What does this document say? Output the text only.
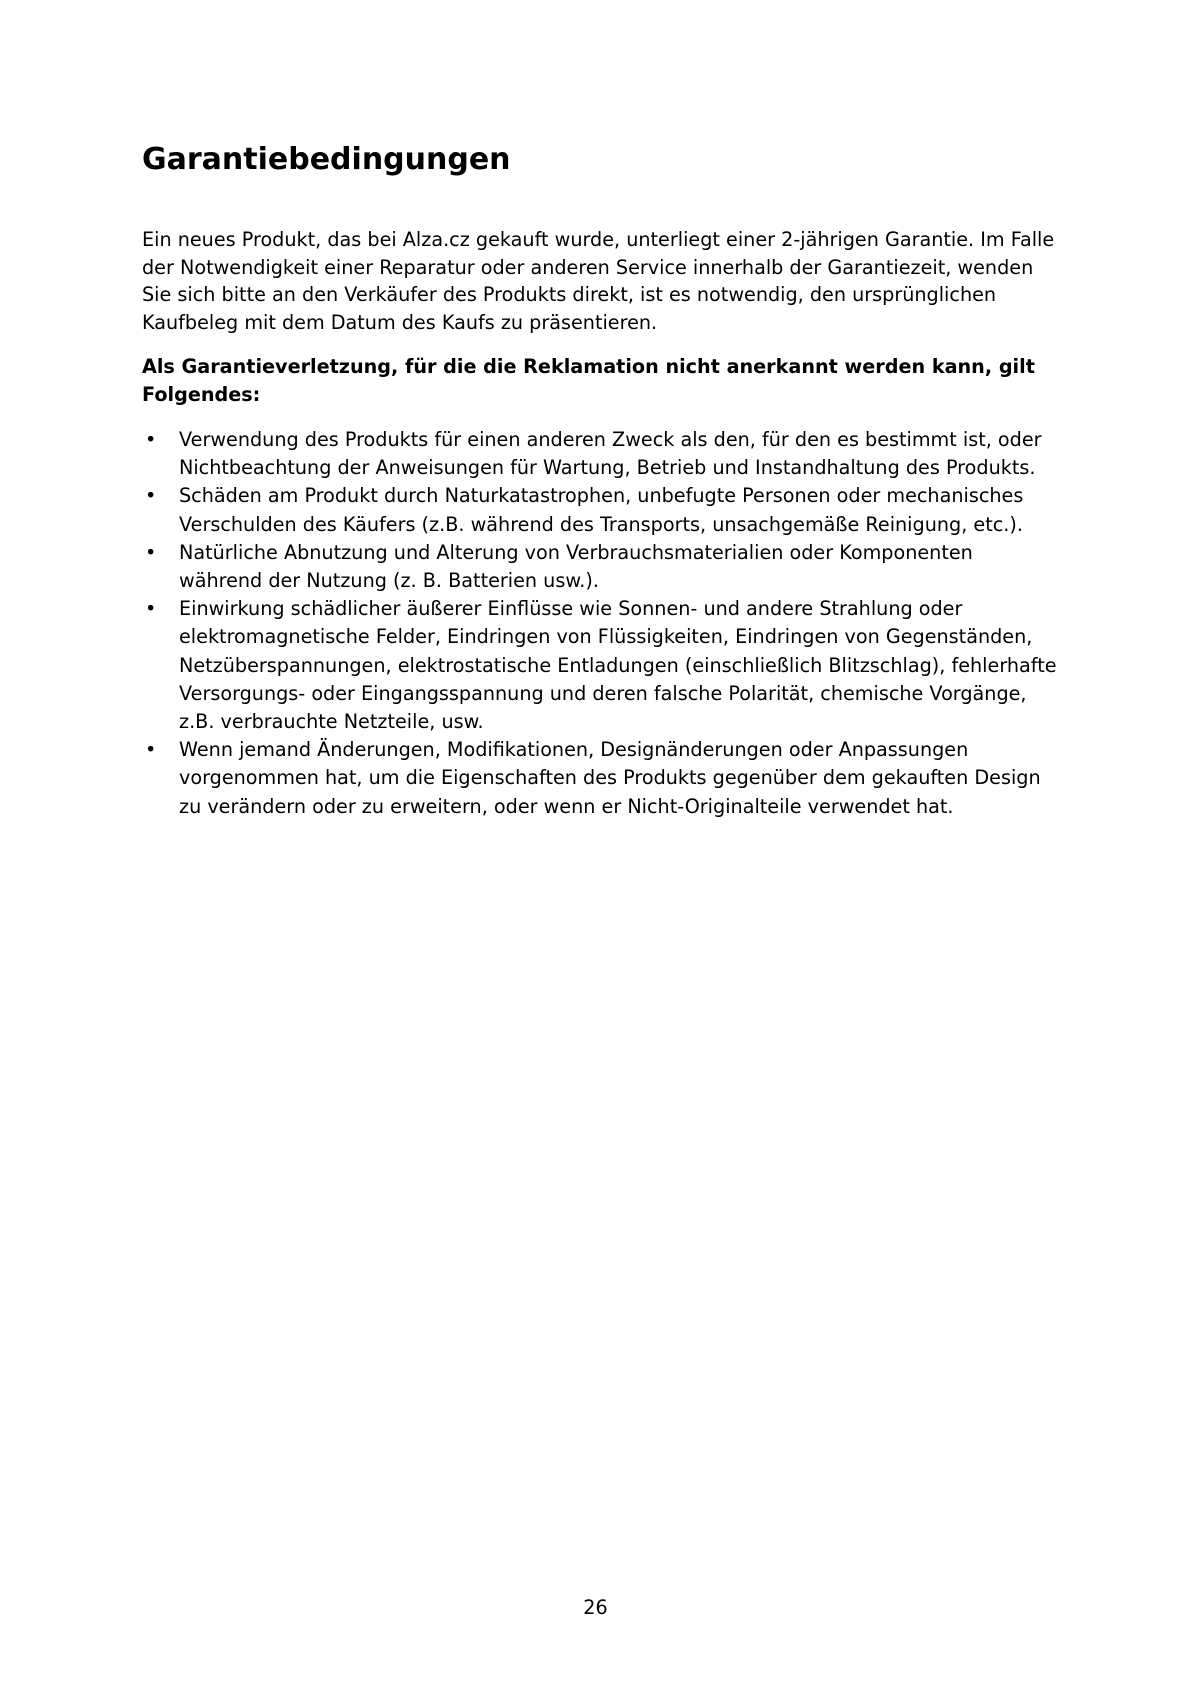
Garantiebedingungen

Ein neues Produkt, das bei Alza.cz gekauft wurde, unterliegt einer 2-jährigen Garantie. Im Falle der Notwendigkeit einer Reparatur oder anderen Service innerhalb der Garantiezeit, wenden Sie sich bitte an den Verkäufer des Produkts direkt, ist es notwendig, den ursprünglichen Kaufbeleg mit dem Datum des Kaufs zu präsentieren.

Als Garantieverletzung, für die die Reklamation nicht anerkannt werden kann, gilt Folgendes:

•	Verwendung des Produkts für einen anderen Zweck als den, für den es bestimmt ist, oder Nichtbeachtung der Anweisungen für Wartung, Betrieb und Instandhaltung des Produkts.
•	Schäden am Produkt durch Naturkatastrophen, unbefugte Personen oder mechanisches Verschulden des Käufers (z.B. während des Transports, unsachgemäße Reinigung, etc.).
•	Natürliche Abnutzung und Alterung von Verbrauchsmaterialien oder Komponenten während der Nutzung (z. B. Batterien usw.).
•	Einwirkung schädlicher äußerer Einflüsse wie Sonnen- und andere Strahlung oder elektromagnetische Felder, Eindringen von Flüssigkeiten, Eindringen von Gegenständen, Netzüberspannungen, elektrostatische Entladungen (einschließlich Blitzschlag), fehlerhafte Versorgungs- oder Eingangsspannung und deren falsche Polarität, chemische Vorgänge, z.B. verbrauchte Netzteile, usw.
•	Wenn jemand Änderungen, Modifikationen, Designänderungen oder Anpassungen vorgenommen hat, um die Eigenschaften des Produkts gegenüber dem gekauften Design zu verändern oder zu erweitern, oder wenn er Nicht-Originalteile verwendet hat.
26
